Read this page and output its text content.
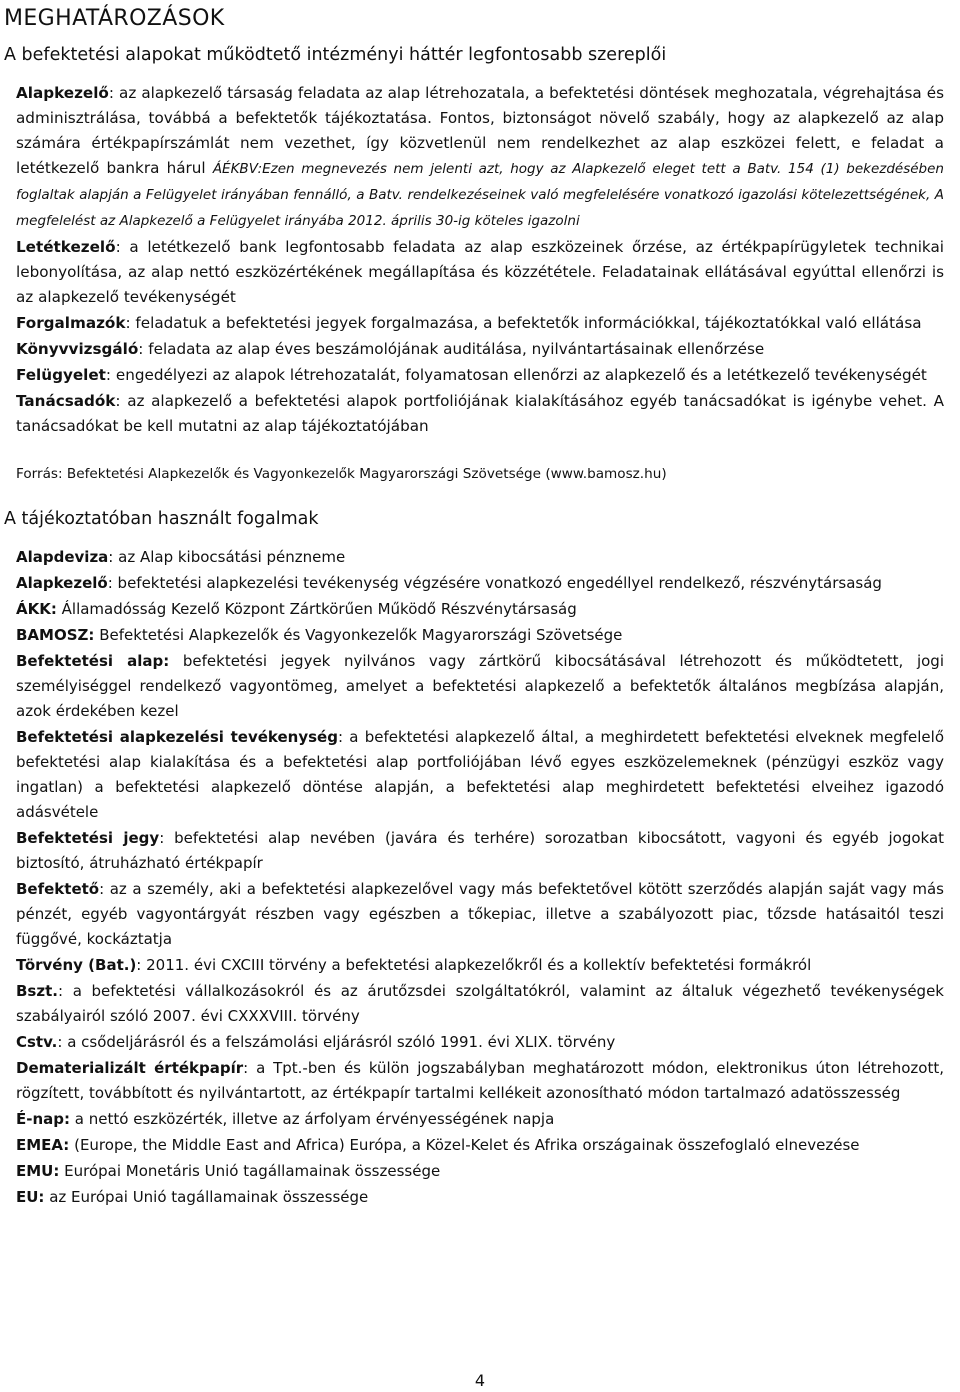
MEGHATÁROZÁSOK
A befektetési alapokat működtető intézményi háttér legfontosabb szereplői

Alapkezelő: az alapkezelő társaság feladata az alap létrehozatala, a befektetési döntések meghozatala, végrehajtása és adminisztrálása, továbbá a befektetők tájékoztatása. Fontos, biztonságot növelő szabály, hogy az alapkezelő az alap számára értékpapírszámlát nem vezethet, így közvetlenül nem rendelkezhet az alap eszközei felett, e feladat a letétkezelő bankra hárul ÁÉKBV:Ezen megnevezés nem jelenti azt, hogy az Alapkezelő eleget tett a Batv. 154 (1) bekezdésében foglaltak alapján a Felügyelet irányában fennálló, a Batv. rendelkezéseinek való megfelelésére vonatkozó igazolási kötelezettségének, A megfelelést az Alapkezelő a Felügyelet irányába 2012. április 30-ig köteles igazolni

Letétkezelő: a letétkezelő bank legfontosabb feladata az alap eszközeinek őrzése, az értékpapírügyletek technikai lebonyolítása, az alap nettó eszközértékének megállapítása és közzététele. Feladatainak ellátásával egyúttal ellenőrzi is az alapkezelő tevékenységét

Forgalmazók: feladatuk a befektetési jegyek forgalmazása, a befektetők információkkal, tájékoztatókkal való ellátása

Könyvvizsgáló: feladata az alap éves beszámolójának auditálása, nyilvántartásainak ellenőrzése

Felügyelet: engedélyezi az alapok létrehozatalát, folyamatosan ellenőrzi az alapkezelő és a letétkezelő tevékenységét

Tanácsadók: az alapkezelő a befektetési alapok portfoliójának kialakításához egyéb tanácsadókat is igénybe vehet. A tanácsadókat be kell mutatni az alap tájékoztatójában

Forrás: Befektetési Alapkezelők és Vagyonkezelők Magyarországi Szövetsége (www.bamosz.hu)

A tájékoztatóban használt fogalmak

Alapdeviza: az Alap kibocsátási pénzneme

Alapkezelő: befektetési alapkezelési tevékenység végzésére vonatkozó engedéllyel rendelkező, részvénytársaság

ÁKK: Államadósság Kezelő Központ Zártkörűen Működő Részvénytársaság

BAMOSZ: Befektetési Alapkezelők és Vagyonkezelők Magyarországi Szövetsége

Befektetési alap: befektetési jegyek nyilvános vagy zártkörű kibocsátásával létrehozott és működtetett, jogi személyiséggel rendelkező vagyontömeg, amelyet a befektetési alapkezelő a befektetők általános megbízása alapján, azok érdekében kezel

Befektetési alapkezelési tevékenység: a befektetési alapkezelő által, a meghirdetett befektetési elveknek megfelelő befektetési alap kialakítása és a befektetési alap portfoliójában lévő egyes eszközelemeknek (pénzügyi eszköz vagy ingatlan) a befektetési alapkezelő döntése alapján, a befektetési alap meghirdetett befektetési elveihez igazodó adásvétele

Befektetési jegy: befektetési alap nevében (javára és terhére) sorozatban kibocsátott, vagyoni és egyéb jogokat biztosító, átruházható értékpapír

Befektető: az a személy, aki a befektetési alapkezelővel vagy más befektetővel kötött szerződés alapján saját vagy más pénzét, egyéb vagyontárgyát részben vagy egészben a tőkepiac, illetve a szabályozott piac, tőzsde hatásaitól teszi függővé, kockáztatja

Törvény (Bat.): 2011. évi CXCIII törvény a befektetési alapkezelőkről és a kollektív befektetési formákról

Bszt.: a befektetési vállalkozásokról és az árutőzsdei szolgáltatókról, valamint az általuk végezhető tevékenységek szabályairól szóló 2007. évi CXXXVIII. törvény

Cstv.: a csődeljárásról és a felszámolási eljárásról szóló 1991. évi XLIX. törvény

Dematerializált értékpapír: a Tpt.-ben és külön jogszabályban meghatározott módon, elektronikus úton létrehozott, rögzített, továbbított és nyilvántartott, az értékpapír tartalmi kellékeit azonosítható módon tartalmazó adatösszesség

É-nap: a nettó eszközérték, illetve az árfolyam érvényességének napja

EMEA: (Europe, the Middle East and Africa) Európa, a Közel-Kelet és Afrika országainak összefoglaló elnevezése

EMU: Európai Monetáris Unió tagállamainak összessége

EU: az Európai Unió tagállamainak összessége

4
